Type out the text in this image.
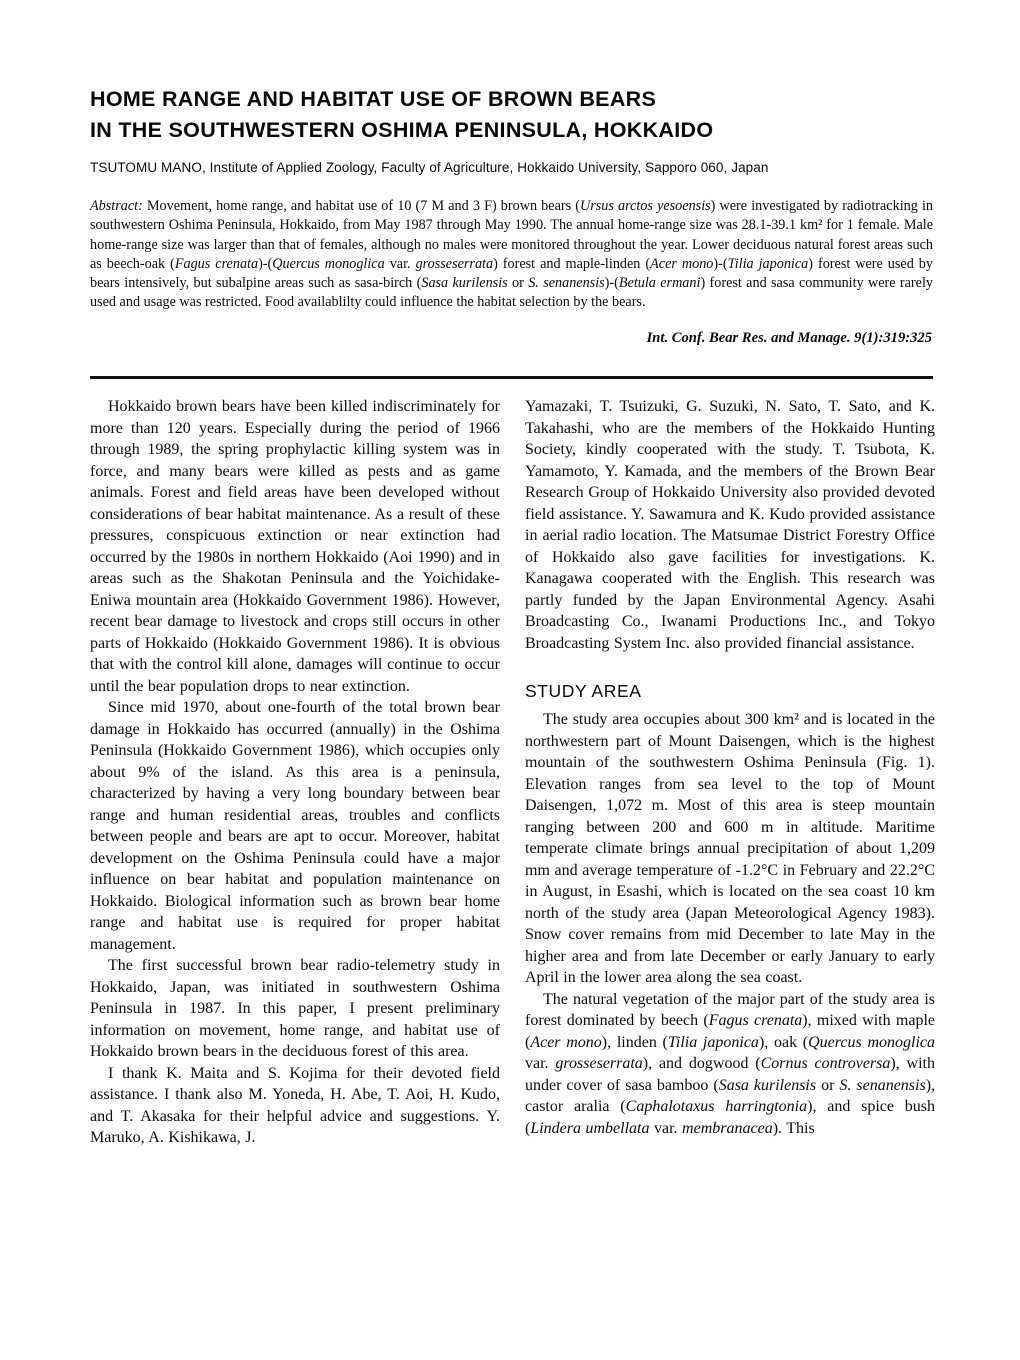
HOME RANGE AND HABITAT USE OF BROWN BEARS
IN THE SOUTHWESTERN OSHIMA PENINSULA, HOKKAIDO
TSUTOMU MANO, Institute of Applied Zoology, Faculty of Agriculture, Hokkaido University, Sapporo 060, Japan

Abstract: Movement, home range, and habitat use of 10 (7 M and 3 F) brown bears (Ursus arctos yesoensis) were investigated by radiotracking in southwestern Oshima Peninsula, Hokkaido, from May 1987 through May 1990. The annual home-range size was 28.1-39.1 km² for 1 female. Male home-range size was larger than that of females, although no males were monitored throughout the year. Lower deciduous natural forest areas such as beech-oak (Fagus crenata)-(Quercus monoglica var. grosseserrata) forest and maple-linden (Acer mono)-(Tilia japonica) forest were used by bears intensively, but subalpine areas such as sasa-birch (Sasa kurilensis or S. senanensis)-(Betula ermani) forest and sasa community were rarely used and usage was restricted. Food availablilty could influence the habitat selection by the bears.

Int. Conf. Bear Res. and Manage. 9(1):319:325

Hokkaido brown bears have been killed indiscriminately for more than 120 years. Especially during the period of 1966 through 1989, the spring prophylactic killing system was in force, and many bears were killed as pests and as game animals. Forest and field areas have been developed without considerations of bear habitat maintenance. As a result of these pressures, conspicuous extinction or near extinction had occurred by the 1980s in northern Hokkaido (Aoi 1990) and in areas such as the Shakotan Peninsula and the Yoichidake-Eniwa mountain area (Hokkaido Government 1986). However, recent bear damage to livestock and crops still occurs in other parts of Hokkaido (Hokkaido Government 1986). It is obvious that with the control kill alone, damages will continue to occur until the bear population drops to near extinction.

Since mid 1970, about one-fourth of the total brown bear damage in Hokkaido has occurred (annually) in the Oshima Peninsula (Hokkaido Government 1986), which occupies only about 9% of the island. As this area is a peninsula, characterized by having a very long boundary between bear range and human residential areas, troubles and conflicts between people and bears are apt to occur. Moreover, habitat development on the Oshima Peninsula could have a major influence on bear habitat and population maintenance on Hokkaido. Biological information such as brown bear home range and habitat use is required for proper habitat management.

The first successful brown bear radio-telemetry study in Hokkaido, Japan, was initiated in southwestern Oshima Peninsula in 1987. In this paper, I present preliminary information on movement, home range, and habitat use of Hokkaido brown bears in the deciduous forest of this area.

I thank K. Maita and S. Kojima for their devoted field assistance. I thank also M. Yoneda, H. Abe, T. Aoi, H. Kudo, and T. Akasaka for their helpful advice and suggestions. Y. Maruko, A. Kishikawa, J.

Yamazaki, T. Tsuizuki, G. Suzuki, N. Sato, T. Sato, and K. Takahashi, who are the members of the Hokkaido Hunting Society, kindly cooperated with the study. T. Tsubota, K. Yamamoto, Y. Kamada, and the members of the Brown Bear Research Group of Hokkaido University also provided devoted field assistance. Y. Sawamura and K. Kudo provided assistance in aerial radio location. The Matsumae District Forestry Office of Hokkaido also gave facilities for investigations. K. Kanagawa cooperated with the English. This research was partly funded by the Japan Environmental Agency. Asahi Broadcasting Co., Iwanami Productions Inc., and Tokyo Broadcasting System Inc. also provided financial assistance.

STUDY AREA

The study area occupies about 300 km² and is located in the northwestern part of Mount Daisengen, which is the highest mountain of the southwestern Oshima Peninsula (Fig. 1). Elevation ranges from sea level to the top of Mount Daisengen, 1,072 m. Most of this area is steep mountain ranging between 200 and 600 m in altitude. Maritime temperate climate brings annual precipitation of about 1,209 mm and average temperature of -1.2°C in February and 22.2°C in August, in Esashi, which is located on the sea coast 10 km north of the study area (Japan Meteorological Agency 1983). Snow cover remains from mid December to late May in the higher area and from late December or early January to early April in the lower area along the sea coast.

The natural vegetation of the major part of the study area is forest dominated by beech (Fagus crenata), mixed with maple (Acer mono), linden (Tilia japonica), oak (Quercus monoglica var. grosseserrata), and dogwood (Cornus controversa), with under cover of sasa bamboo (Sasa kurilensis or S. senanensis), castor aralia (Caphalotaxus harringtonia), and spice bush (Lindera umbellata var. membranacea). This
